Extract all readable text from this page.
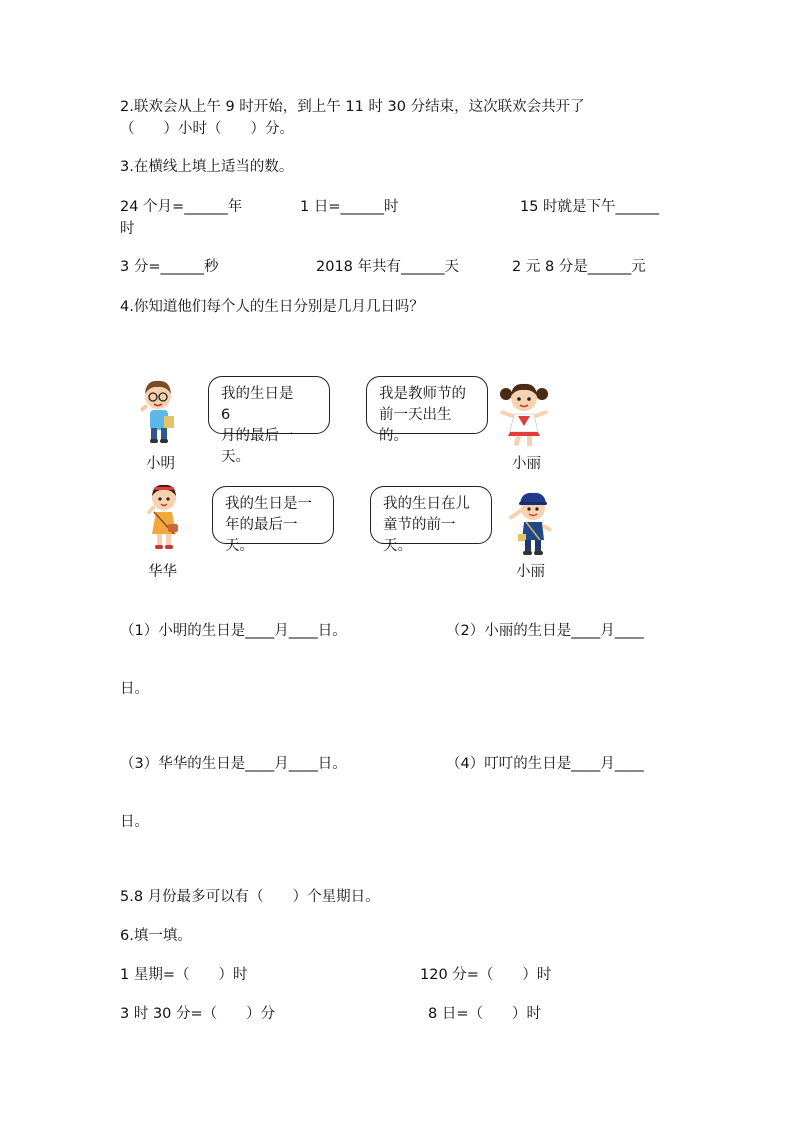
2.联欢会从上午 9 时开始，到上午 11 时 30 分结束，这次联欢会共开了
（　　）小时（　　）分。
3.在横线上填上适当的数。
24 个月=______年	1 日=______时	15 时就是下午______
时
3 分=______秒	2018 年共有______天	2 元 8 分是______元
4.你知道他们每个人的生日分别是几月几日吗？
小明
我的生日是　6
月的最后一天。
我是教师节的
前一天出生的。
小丽
华华
我的生日是一
年的最后一天。
我的生日在儿
童节的前一天。
小丽
（1）小明的生日是____月____日。	（2）小丽的生日是____月____
日。
（3）华华的生日是____月____日。	（4）叮叮的生日是____月____
日。
5.8 月份最多可以有（　　）个星期日。
6.填一填。
1 星期=（　　）时	120 分=（　　）时
3 时 30 分=（　　）分	8 日=（　　）时
